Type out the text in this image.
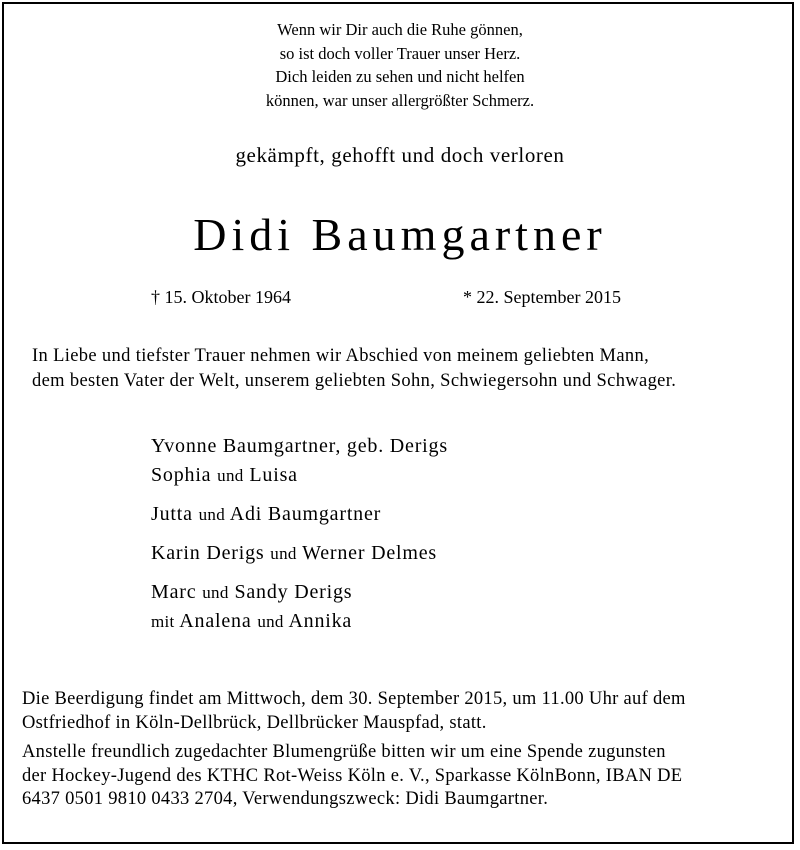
Wenn wir Dir auch die Ruhe gönnen,
so ist doch voller Trauer unser Herz.
Dich leiden zu sehen und nicht helfen
können, war unser allergrößter Schmerz.
gekämpft, gehofft und doch verloren
Didi Baumgartner
† 15. Oktober 1964	* 22. September 2015
In Liebe und tiefster Trauer nehmen wir Abschied von meinem geliebten Mann,
dem besten Vater der Welt, unserem geliebten Sohn, Schwiegersohn und Schwager.
Yvonne Baumgartner, geb. Derigs
Sophia und Luisa
Jutta und Adi Baumgartner
Karin Derigs und Werner Delmes
Marc und Sandy Derigs
mit Analena und Annika
Die Beerdigung findet am Mittwoch, dem 30. September 2015, um 11.00 Uhr auf dem
Ostfriedhof in Köln-Dellbrück, Dellbrücker Mauspfad, statt.
Anstelle freundlich zugedachter Blumengrüße bitten wir um eine Spende zugunsten
der Hockey-Jugend des KTHC Rot-Weiss Köln e. V., Sparkasse KölnBonn, IBAN DE
6437 0501 9810 0433 2704, Verwendungszweck: Didi Baumgartner.
